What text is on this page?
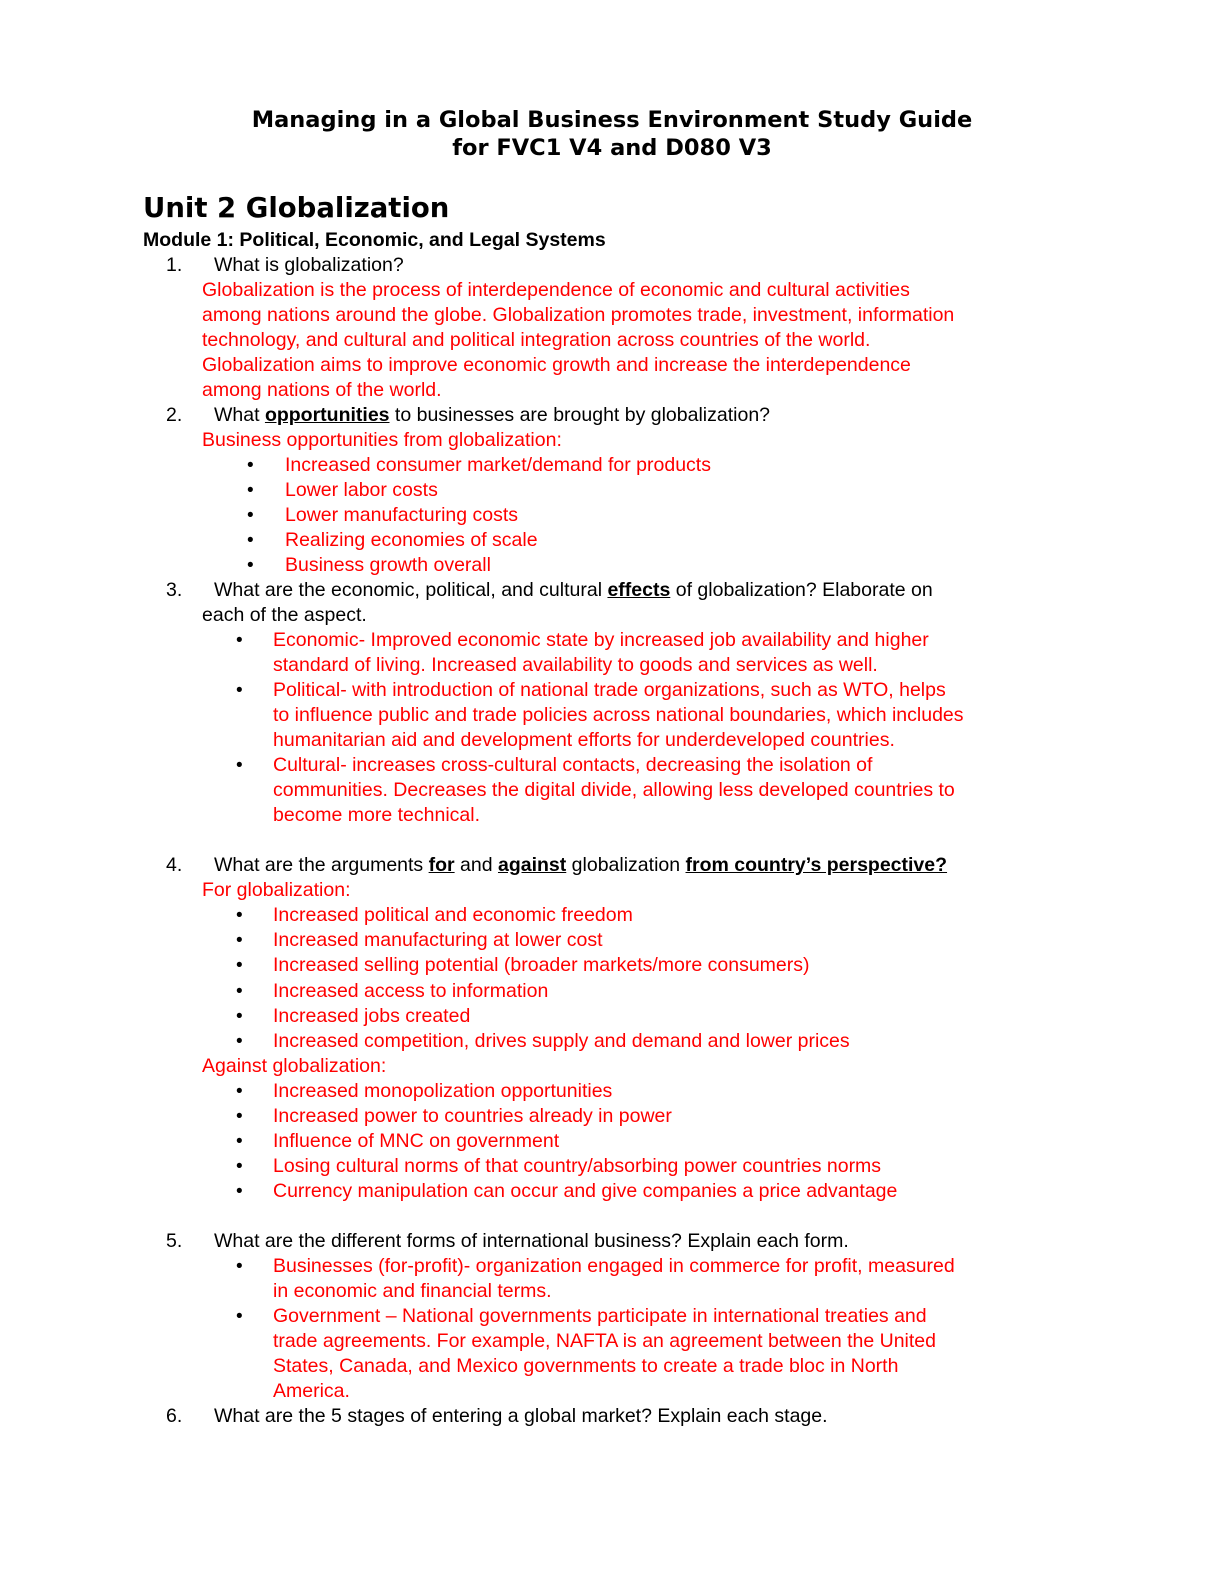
Managing in a Global Business Environment Study Guide
for FVC1 V4 and D080 V3
Unit 2 Globalization
Module 1: Political, Economic, and Legal Systems
1. What is globalization?
Globalization is the process of interdependence of economic and cultural activities
among nations around the globe. Globalization promotes trade, investment, information
technology, and cultural and political integration across countries of the world.
Globalization aims to improve economic growth and increase the interdependence
among nations of the world.
2. What opportunities to businesses are brought by globalization?
Business opportunities from globalization:
• Increased consumer market/demand for products
• Lower labor costs
• Lower manufacturing costs
• Realizing economies of scale
• Business growth overall
3. What are the economic, political, and cultural effects of globalization? Elaborate on
each of the aspect.
• Economic- Improved economic state by increased job availability and higher
standard of living. Increased availability to goods and services as well.
• Political- with introduction of national trade organizations, such as WTO, helps
to influence public and trade policies across national boundaries, which includes
humanitarian aid and development efforts for underdeveloped countries.
• Cultural- increases cross-cultural contacts, decreasing the isolation of
communities. Decreases the digital divide, allowing less developed countries to
become more technical.
4. What are the arguments for and against globalization from country’s perspective?
For globalization:
• Increased political and economic freedom
• Increased manufacturing at lower cost
• Increased selling potential (broader markets/more consumers)
• Increased access to information
• Increased jobs created
• Increased competition, drives supply and demand and lower prices
Against globalization:
• Increased monopolization opportunities
• Increased power to countries already in power
• Influence of MNC on government
• Losing cultural norms of that country/absorbing power countries norms
• Currency manipulation can occur and give companies a price advantage
5. What are the different forms of international business? Explain each form.
• Businesses (for-profit)- organization engaged in commerce for profit, measured
in economic and financial terms.
• Government – National governments participate in international treaties and
trade agreements. For example, NAFTA is an agreement between the United
States, Canada, and Mexico governments to create a trade bloc in North
America.
6. What are the 5 stages of entering a global market? Explain each stage.
